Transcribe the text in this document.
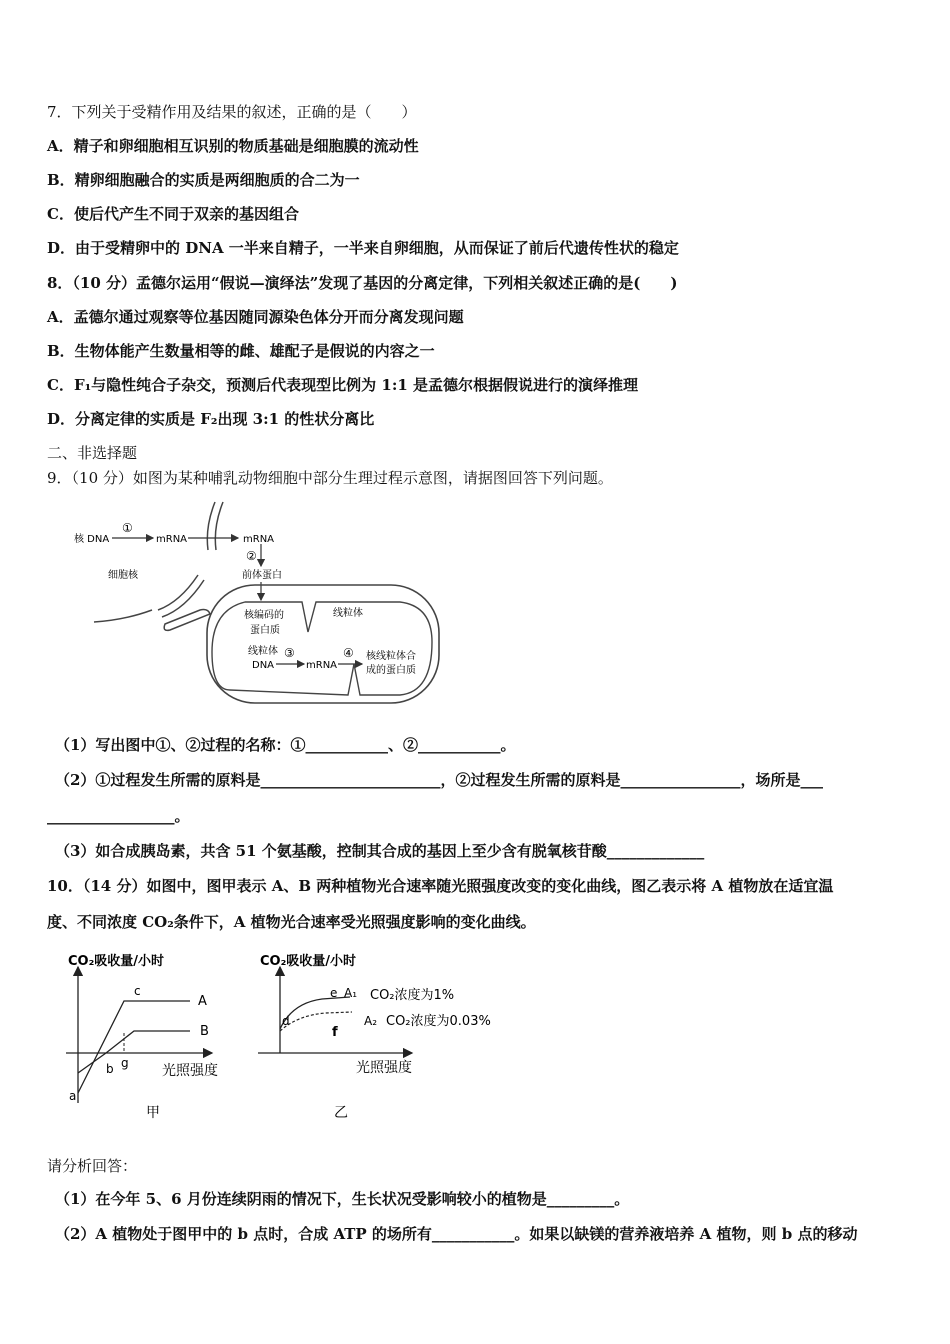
7．下列关于受精作用及结果的叙述，正确的是（　　）
A．精子和卵细胞相互识别的物质基础是细胞膜的流动性
B．精卵细胞融合的实质是两细胞质的合二为一
C．使后代产生不同于双亲的基因组合
D．由于受精卵中的 DNA 一半来自精子，一半来自卵细胞，从而保证了前后代遗传性状的稳定
8．（10 分）孟德尔运用“假说—演绎法”发现了基因的分离定律，下列相关叙述正确的是(　　)
A．孟德尔通过观察等位基因随同源染色体分开而分离发现问题
B．生物体能产生数量相等的雌、雄配子是假说的内容之一
C．F₁与隐性纯合子杂交，预测后代表现型比例为 1:1 是孟德尔根据假说进行的演绎推理
D．分离定律的实质是 F₂出现 3:1 的性状分离比
二、非选择题
9．（10 分）如图为某种哺乳动物细胞中部分生理过程示意图，请据图回答下列问题。
核 DNA
①
mRNA	mRNA
②
细胞核	前体蛋白
核编码的
蛋白质
线粒体
线粒体
DNA
③
mRNA
④ 核线粒体合
成的蛋白质
（1）写出图中①、②过程的名称：①___________、②___________。
（2）①过程发生所需的原料是________________________，②过程发生所需的原料是________________，场所是___
_________________。
（3）如合成胰岛素，共含 51 个氨基酸，控制其合成的基因上至少含有脱氧核苷酸_____________
10．（14 分）如图中，图甲表示 A、B 两种植物光合速率随光照强度改变的变化曲线，图乙表示将 A 植物放在适宜温
度、不同浓度 CO₂条件下，A 植物光合速率受光照强度影响的变化曲线。
CO₂吸收量/小时
光照强度
A
B
a
b
c
g
甲
CO₂吸收量/小时
光照强度
d
e
f
A₁ CO₂浓度为1%
A₂ CO₂浓度为0.03%
乙
请分析回答：
（1）在今年 5、6 月份连续阴雨的情况下，生长状况受影响较小的植物是_________。
（2）A 植物处于图甲中的 b 点时，合成 ATP 的场所有___________。如果以缺镁的营养液培养 A 植物，则 b 点的移动
